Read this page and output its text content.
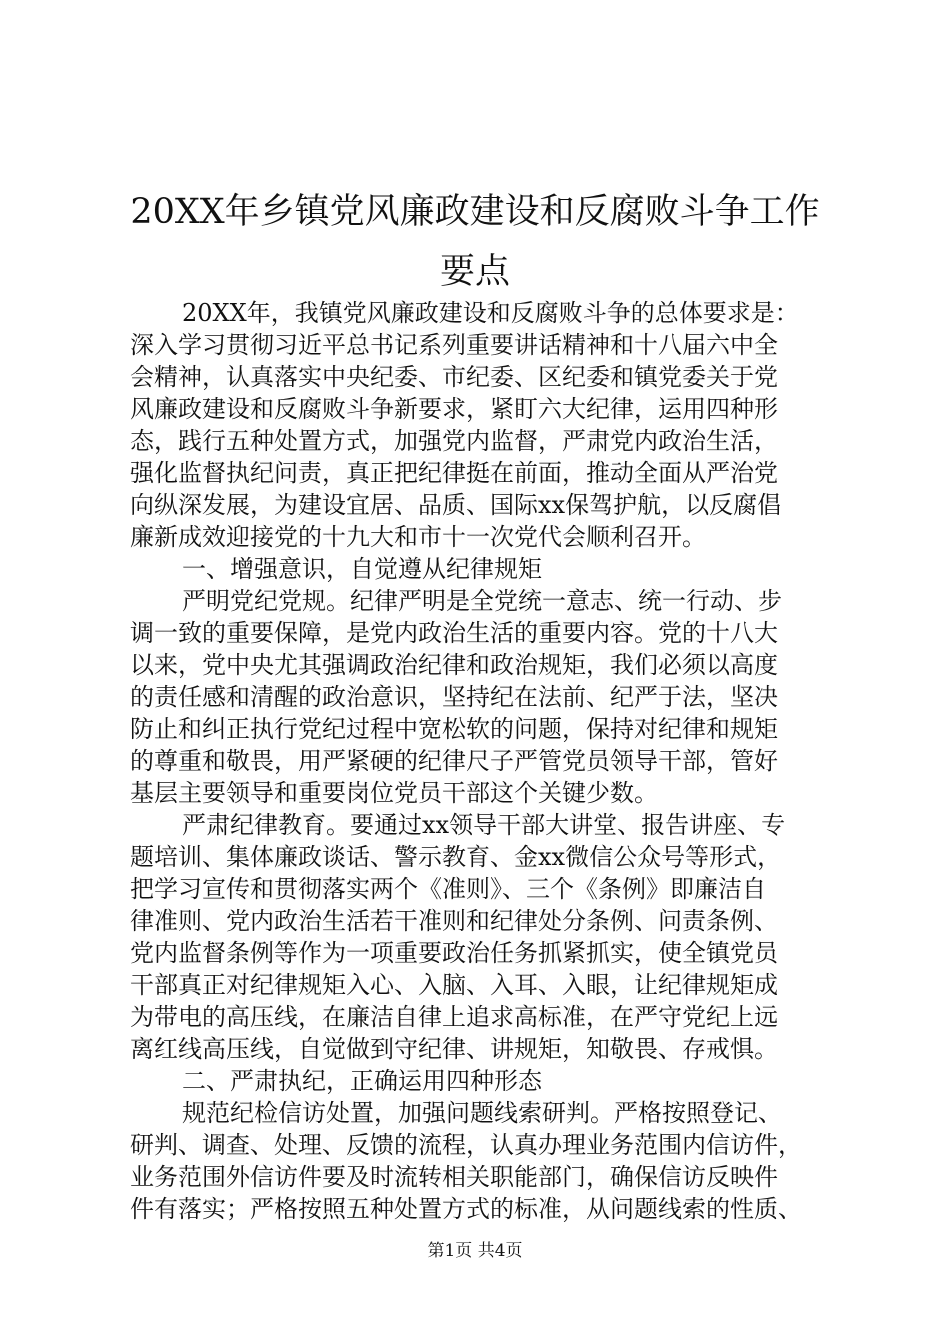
20XX年乡镇党风廉政建设和反腐败斗争工作
要点

20XX年，我镇党风廉政建设和反腐败斗争的总体要求是：

深入学习贯彻习近平总书记系列重要讲话精神和十八届六中全

会精神，认真落实中央纪委、市纪委、区纪委和镇党委关于党

风廉政建设和反腐败斗争新要求，紧盯六大纪律，运用四种形

态，践行五种处置方式，加强党内监督，严肃党内政治生活，

强化监督执纪问责，真正把纪律挺在前面，推动全面从严治党

向纵深发展，为建设宜居、品质、国际xx保驾护航，以反腐倡

廉新成效迎接党的十九大和市十一次党代会顺利召开。

一、增强意识，自觉遵从纪律规矩

严明党纪党规。纪律严明是全党统一意志、统一行动、步

调一致的重要保障，是党内政治生活的重要内容。党的十八大

以来，党中央尤其强调政治纪律和政治规矩，我们必须以高度

的责任感和清醒的政治意识，坚持纪在法前、纪严于法，坚决

防止和纠正执行党纪过程中宽松软的问题，保持对纪律和规矩

的尊重和敬畏，用严紧硬的纪律尺子严管党员领导干部，管好

基层主要领导和重要岗位党员干部这个关键少数。

严肃纪律教育。要通过xx领导干部大讲堂、报告讲座、专

题培训、集体廉政谈话、警示教育、金xx微信公众号等形式，

把学习宣传和贯彻落实两个《准则》、三个《条例》即廉洁自

律准则、党内政治生活若干准则和纪律处分条例、问责条例、

党内监督条例等作为一项重要政治任务抓紧抓实，使全镇党员

干部真正对纪律规矩入心、入脑、入耳、入眼，让纪律规矩成

为带电的高压线，在廉洁自律上追求高标准，在严守党纪上远

离红线高压线，自觉做到守纪律、讲规矩，知敬畏、存戒惧。

二、严肃执纪，正确运用四种形态

规范纪检信访处置，加强问题线索研判。严格按照登记、

研判、调查、处理、反馈的流程，认真办理业务范围内信访件，

业务范围外信访件要及时流转相关职能部门，确保信访反映件

件有落实；严格按照五种处置方式的标准，从问题线索的性质、

第1页 共4页
